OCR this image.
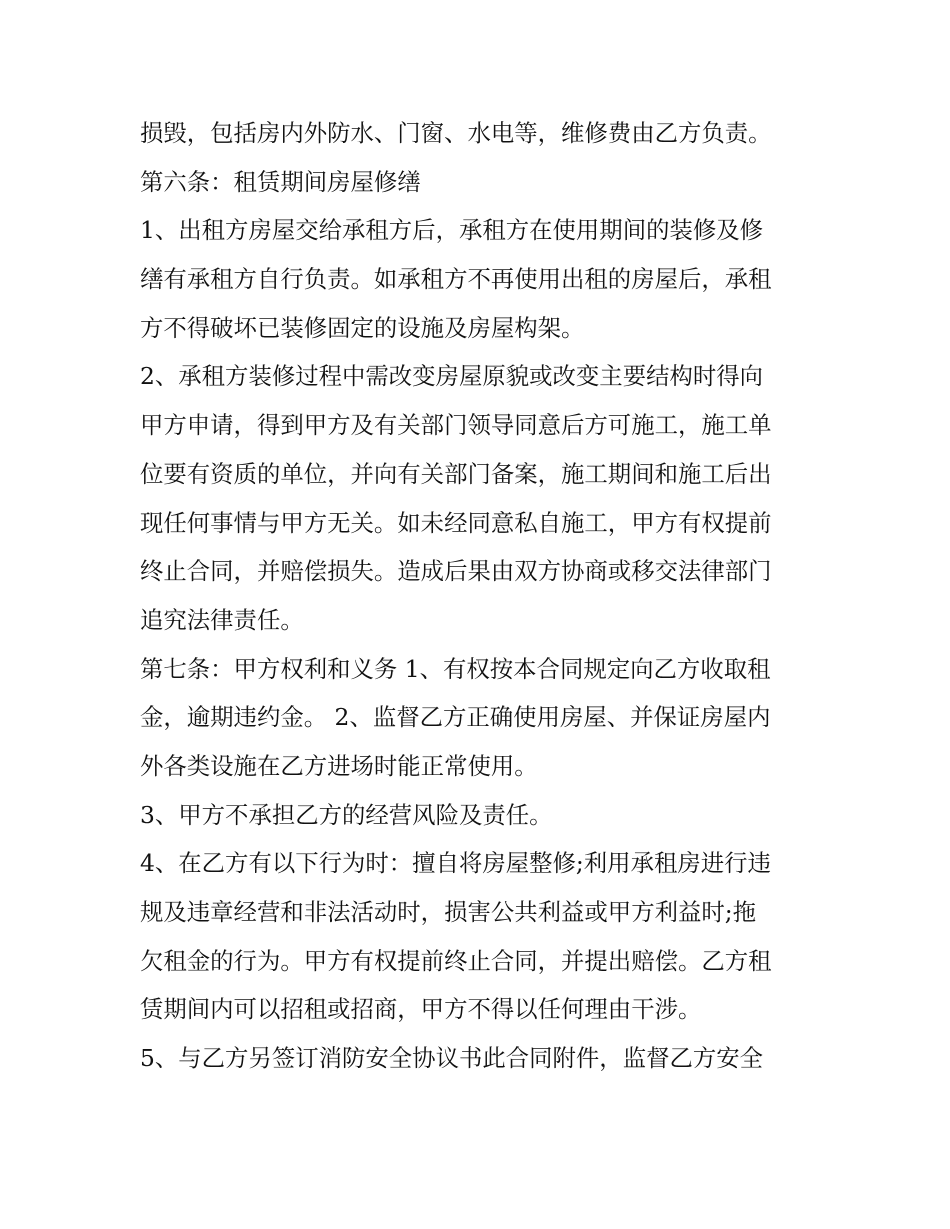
损毁，包括房内外防水、门窗、水电等，维修费由乙方负责。
第六条：租赁期间房屋修缮
1、出租方房屋交给承租方后，承租方在使用期间的装修及修
缮有承租方自行负责。如承租方不再使用出租的房屋后，承租
方不得破坏已装修固定的设施及房屋构架。
2、承租方装修过程中需改变房屋原貌或改变主要结构时得向
甲方申请，得到甲方及有关部门领导同意后方可施工，施工单
位要有资质的单位，并向有关部门备案，施工期间和施工后出
现任何事情与甲方无关。如未经同意私自施工，甲方有权提前
终止合同，并赔偿损失。造成后果由双方协商或移交法律部门
追究法律责任。
第七条：甲方权利和义务 1、有权按本合同规定向乙方收取租
金，逾期违约金。 2、监督乙方正确使用房屋、并保证房屋内
外各类设施在乙方进场时能正常使用。
3、甲方不承担乙方的经营风险及责任。
4、在乙方有以下行为时：擅自将房屋整修;利用承租房进行违
规及违章经营和非法活动时，损害公共利益或甲方利益时;拖
欠租金的行为。甲方有权提前终止合同，并提出赔偿。乙方租
赁期间内可以招租或招商，甲方不得以任何理由干涉。
5、与乙方另签订消防安全协议书此合同附件，监督乙方安全
